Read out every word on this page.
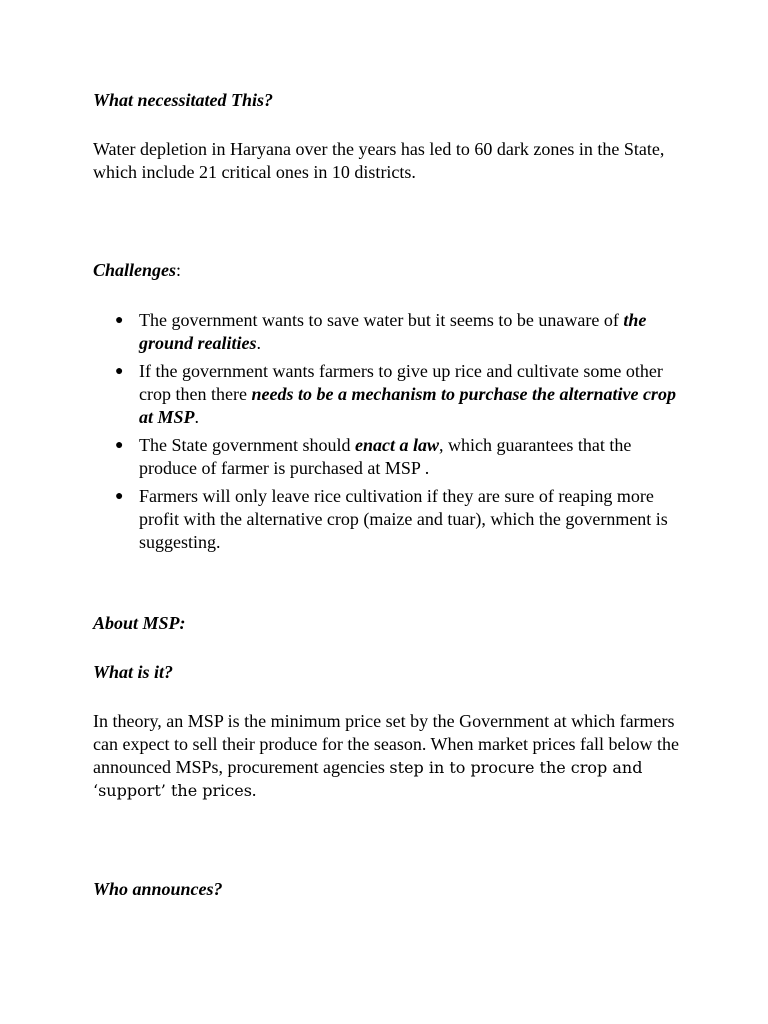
What necessitated This?

Water depletion in Haryana over the years has led to 60 dark zones in the State, which include 21 critical ones in 10 districts.

Challenges:

● The government wants to save water but it seems to be unaware of the ground realities.
● If the government wants farmers to give up rice and cultivate some other crop then there needs to be a mechanism to purchase the alternative crop at MSP.
● The State government should enact a law, which guarantees that the produce of farmer is purchased at MSP .
● Farmers will only leave rice cultivation if they are sure of reaping more profit with the alternative crop (maize and tuar), which the government is suggesting.

About MSP:

What is it?

In theory, an MSP is the minimum price set by the Government at which farmers can expect to sell their produce for the season. When market prices fall below the announced MSPs, procurement agencies step in to procure the crop and ‘support’ the prices.

Who announces?
